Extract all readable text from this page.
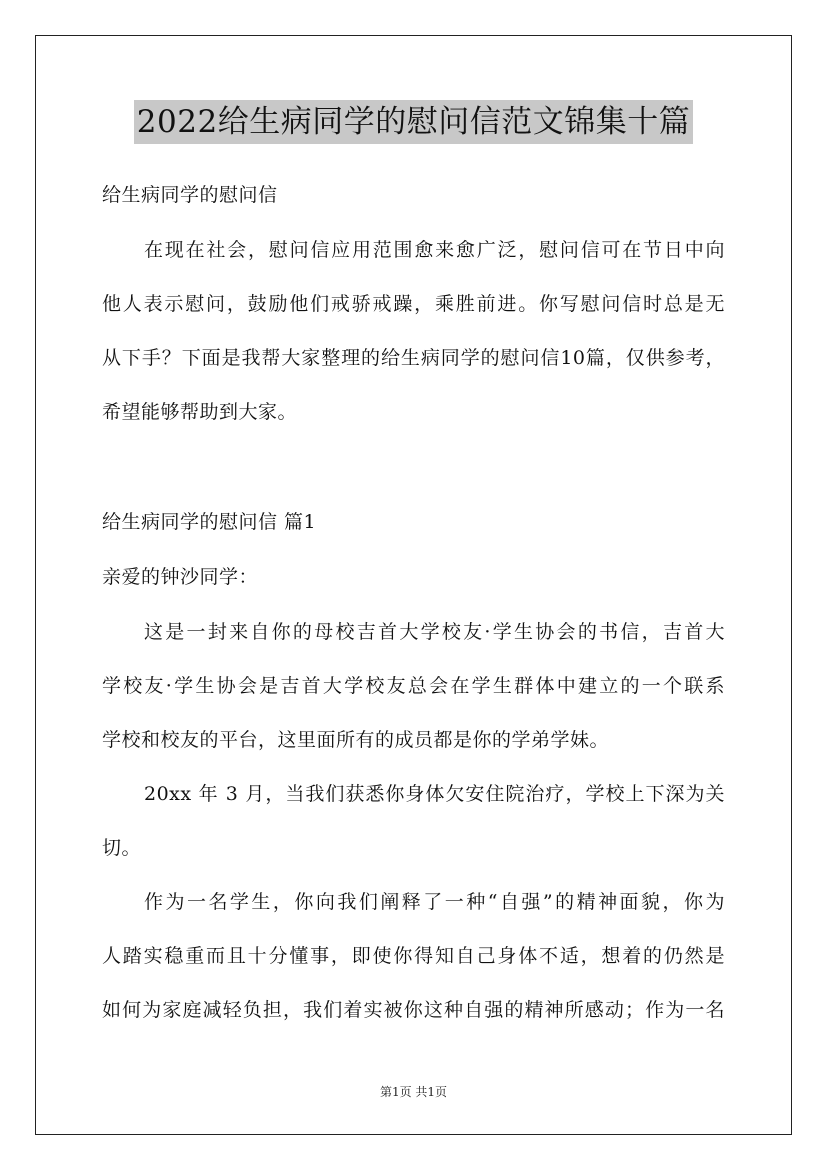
2022给生病同学的慰问信范文锦集十篇
给生病同学的慰问信
在现在社会，慰问信应用范围愈来愈广泛，慰问信可在节日中向
他人表示慰问，鼓励他们戒骄戒躁，乘胜前进。你写慰问信时总是无
从下手？下面是我帮大家整理的给生病同学的慰问信10篇，仅供参考，
希望能够帮助到大家。
给生病同学的慰问信 篇1
亲爱的钟沙同学：
这是一封来自你的母校吉首大学校友·学生协会的书信，吉首大
学校友·学生协会是吉首大学校友总会在学生群体中建立的一个联系
学校和校友的平台，这里面所有的成员都是你的学弟学妹。
20xx 年 3 月，当我们获悉你身体欠安住院治疗，学校上下深为关
切。
作为一名学生，你向我们阐释了一种“自强”的精神面貌，你为
人踏实稳重而且十分懂事，即使你得知自己身体不适，想着的仍然是
如何为家庭减轻负担，我们着实被你这种自强的精神所感动；作为一名
第1页 共1页
